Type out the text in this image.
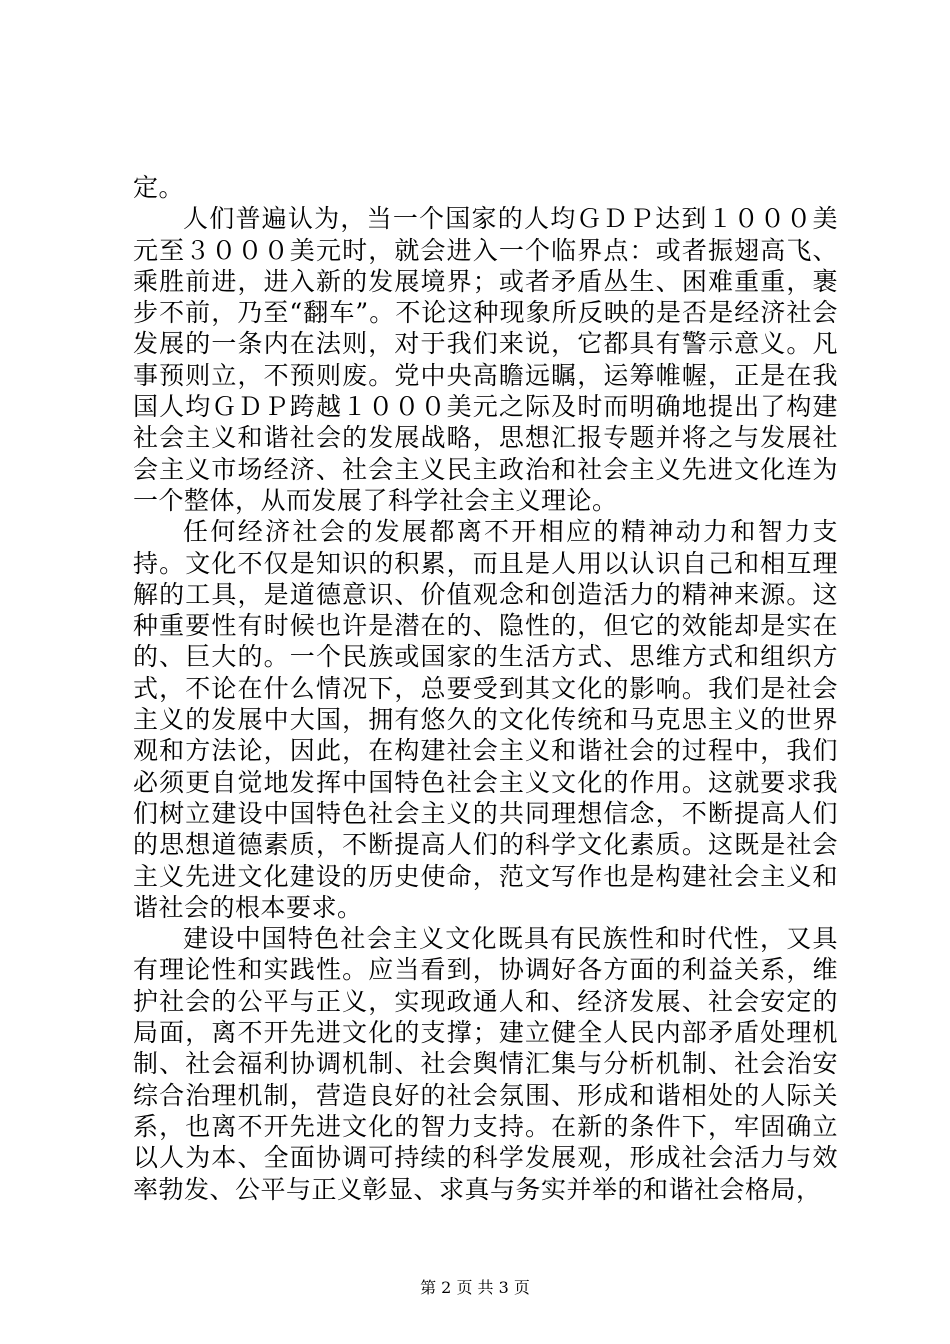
定。

人们普遍认为，当一个国家的人均ＧＤＰ达到１０００美元至３０００美元时，就会进入一个临界点：或者振翅高飞、乘胜前进，进入新的发展境界；或者矛盾丛生、困难重重，裹步不前，乃至“翻车”。不论这种现象所反映的是否是经济社会发展的一条内在法则，对于我们来说，它都具有警示意义。凡事预则立，不预则废。党中央高瞻远瞩，运筹帷幄，正是在我国人均ＧＤＰ跨越１０００美元之际及时而明确地提出了构建社会主义和谐社会的发展战略，思想汇报专题并将之与发展社会主义市场经济、社会主义民主政治和社会主义先进文化连为一个整体，从而发展了科学社会主义理论。

任何经济社会的发展都离不开相应的精神动力和智力支持。文化不仅是知识的积累，而且是人用以认识自己和相互理解的工具，是道德意识、价值观念和创造活力的精神来源。这种重要性有时候也许是潜在的、隐性的，但它的效能却是实在的、巨大的。一个民族或国家的生活方式、思维方式和组织方式，不论在什么情况下，总要受到其文化的影响。我们是社会主义的发展中大国，拥有悠久的文化传统和马克思主义的世界观和方法论，因此，在构建社会主义和谐社会的过程中，我们必须更自觉地发挥中国特色社会主义文化的作用。这就要求我们树立建设中国特色社会主义的共同理想信念，不断提高人们的思想道德素质，不断提高人们的科学文化素质。这既是社会主义先进文化建设的历史使命，范文写作也是构建社会主义和谐社会的根本要求。

建设中国特色社会主义文化既具有民族性和时代性，又具有理论性和实践性。应当看到，协调好各方面的利益关系，维护社会的公平与正义，实现政通人和、经济发展、社会安定的局面，离不开先进文化的支撑；建立健全人民内部矛盾处理机制、社会福利协调机制、社会舆情汇集与分析机制、社会治安综合治理机制，营造良好的社会氛围、形成和谐相处的人际关系，也离不开先进文化的智力支持。在新的条件下，牢固确立以人为本、全面协调可持续的科学发展观，形成社会活力与效率勃发、公平与正义彰显、求真与务实并举的和谐社会格局，

第 2 页 共 3 页
